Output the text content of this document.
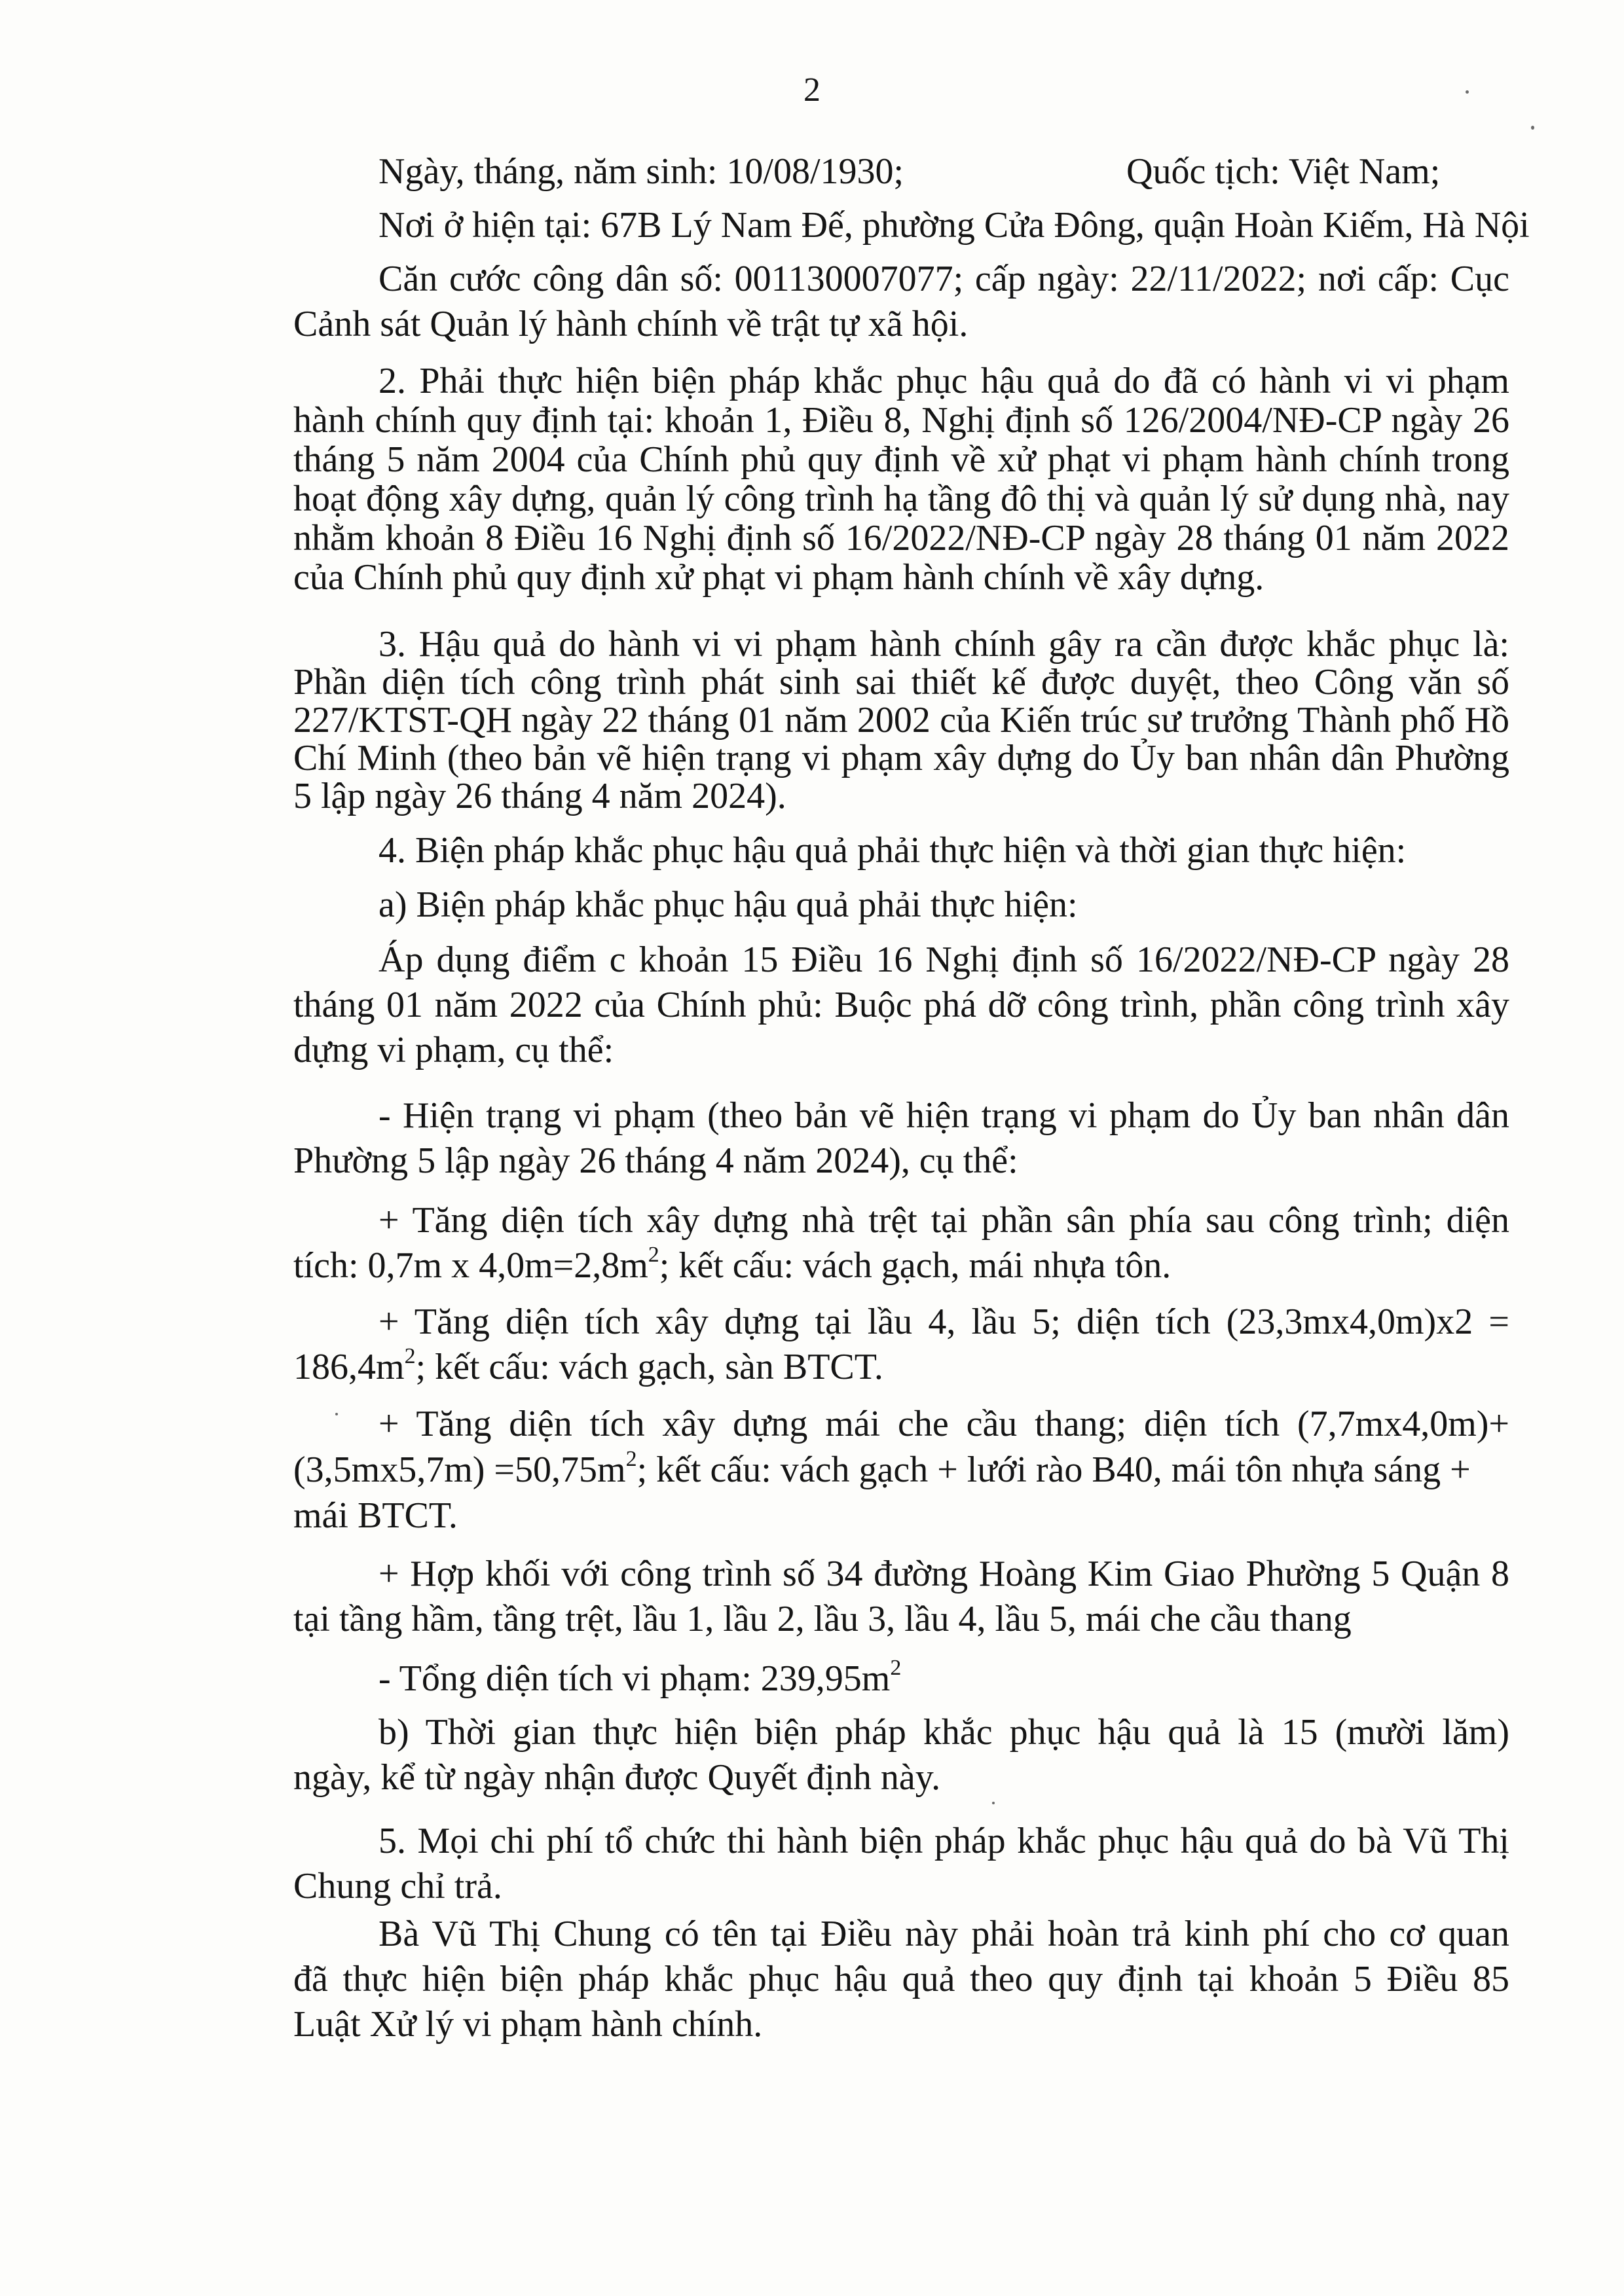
2
Ngày, tháng, năm sinh: 10/08/1930;	Quốc tịch: Việt Nam;
Nơi ở hiện tại: 67B Lý Nam Đế, phường Cửa Đông, quận Hoàn Kiếm, Hà Nội
Căn cước công dân số: 001130007077; cấp ngày: 22/11/2022; nơi cấp: Cục
Cảnh sát Quản lý hành chính về trật tự xã hội.
2. Phải thực hiện biện pháp khắc phục hậu quả do đã có hành vi vi phạm
hành chính quy định tại: khoản 1, Điều 8, Nghị định số 126/2004/NĐ-CP ngày 26
tháng 5 năm 2004 của Chính phủ quy định về xử phạt vi phạm hành chính trong
hoạt động xây dựng, quản lý công trình hạ tầng đô thị và quản lý sử dụng nhà, nay
nhằm khoản 8 Điều 16 Nghị định số 16/2022/NĐ-CP ngày 28 tháng 01 năm 2022
của Chính phủ quy định xử phạt vi phạm hành chính về xây dựng.
3. Hậu quả do hành vi vi phạm hành chính gây ra cần được khắc phục là:
Phần diện tích công trình phát sinh sai thiết kế được duyệt, theo Công văn số
227/KTST-QH ngày 22 tháng 01 năm 2002 của Kiến trúc sư trưởng Thành phố Hồ
Chí Minh (theo bản vẽ hiện trạng vi phạm xây dựng do Ủy ban nhân dân Phường
5 lập ngày 26 tháng 4 năm 2024).
4. Biện pháp khắc phục hậu quả phải thực hiện và thời gian thực hiện:
a) Biện pháp khắc phục hậu quả phải thực hiện:
Áp dụng điểm c khoản 15 Điều 16 Nghị định số 16/2022/NĐ-CP ngày 28
tháng 01 năm 2022 của Chính phủ: Buộc phá dỡ công trình, phần công trình xây
dựng vi phạm, cụ thể:
- Hiện trạng vi phạm (theo bản vẽ hiện trạng vi phạm do Ủy ban nhân dân
Phường 5 lập ngày 26 tháng 4 năm 2024), cụ thể:
+ Tăng diện tích xây dựng nhà trệt tại phần sân phía sau công trình; diện
tích: 0,7m x $4,0m=2,8m^2$; kết cấu: vách gạch, mái nhựa tôn.
+ Tăng diện tích xây dựng tại lầu 4, lầu 5; diện tích (23,3mx4,0m)x2 =
$186,4m^2$; kết cấu: vách gạch, sàn BTCT.
+ Tăng diện tích xây dựng mái che cầu thang; diện tích (7,7mx4,0m)+
$(3,5mx5,7m) =50,75m^2$; kết cấu: vách gạch + lưới rào B40, mái tôn nhựa sáng +
mái BTCT.
+ Hợp khối với công trình số 34 đường Hoàng Kim Giao Phường 5 Quận 8
tại tầng hầm, tầng trệt, lầu 1, lầu 2, lầu 3, lầu 4, lầu 5, mái che cầu thang
- Tổng diện tích vi phạm: $239,95m^2$
b) Thời gian thực hiện biện pháp khắc phục hậu quả là 15 (mười lăm)
ngày, kể từ ngày nhận được Quyết định này.
5. Mọi chi phí tổ chức thi hành biện pháp khắc phục hậu quả do bà Vũ Thị
Chung chỉ trả.
Bà Vũ Thị Chung có tên tại Điều này phải hoàn trả kinh phí cho cơ quan
đã thực hiện biện pháp khắc phục hậu quả theo quy định tại khoản 5 Điều 85
Luật Xử lý vi phạm hành chính.
